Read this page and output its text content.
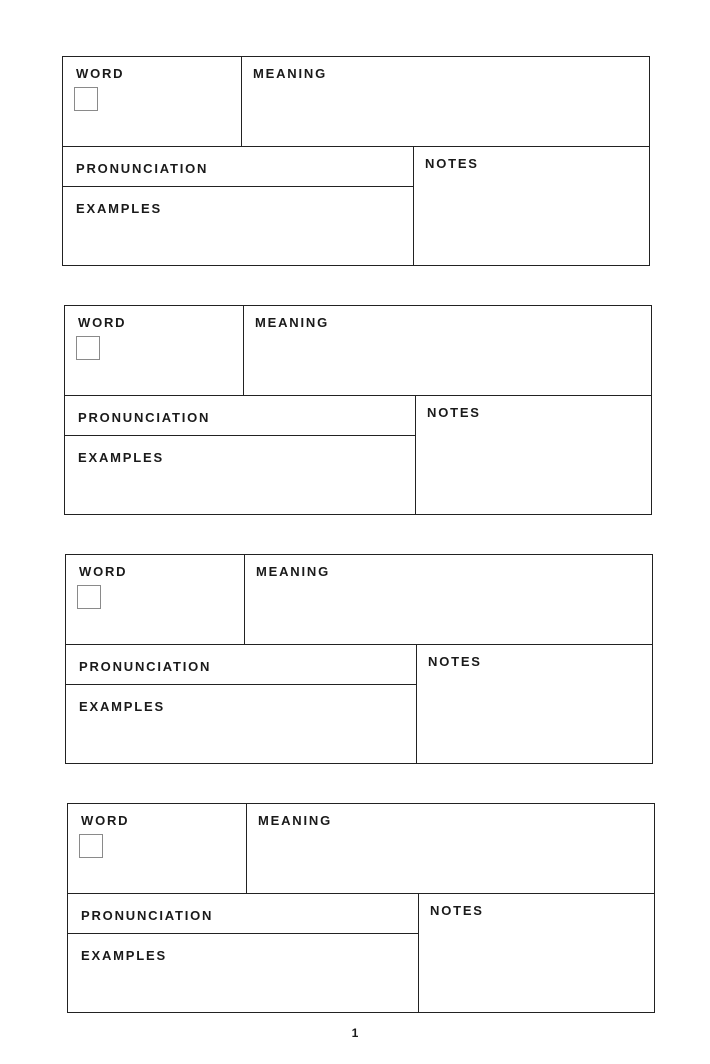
WORD	MEANING
PRONUNCIATION
EXAMPLES
NOTES
WORD	MEANING
PRONUNCIATION
EXAMPLES
NOTES
WORD	MEANING
PRONUNCIATION
EXAMPLES
NOTES
WORD	MEANING
PRONUNCIATION
EXAMPLES
NOTES
1
